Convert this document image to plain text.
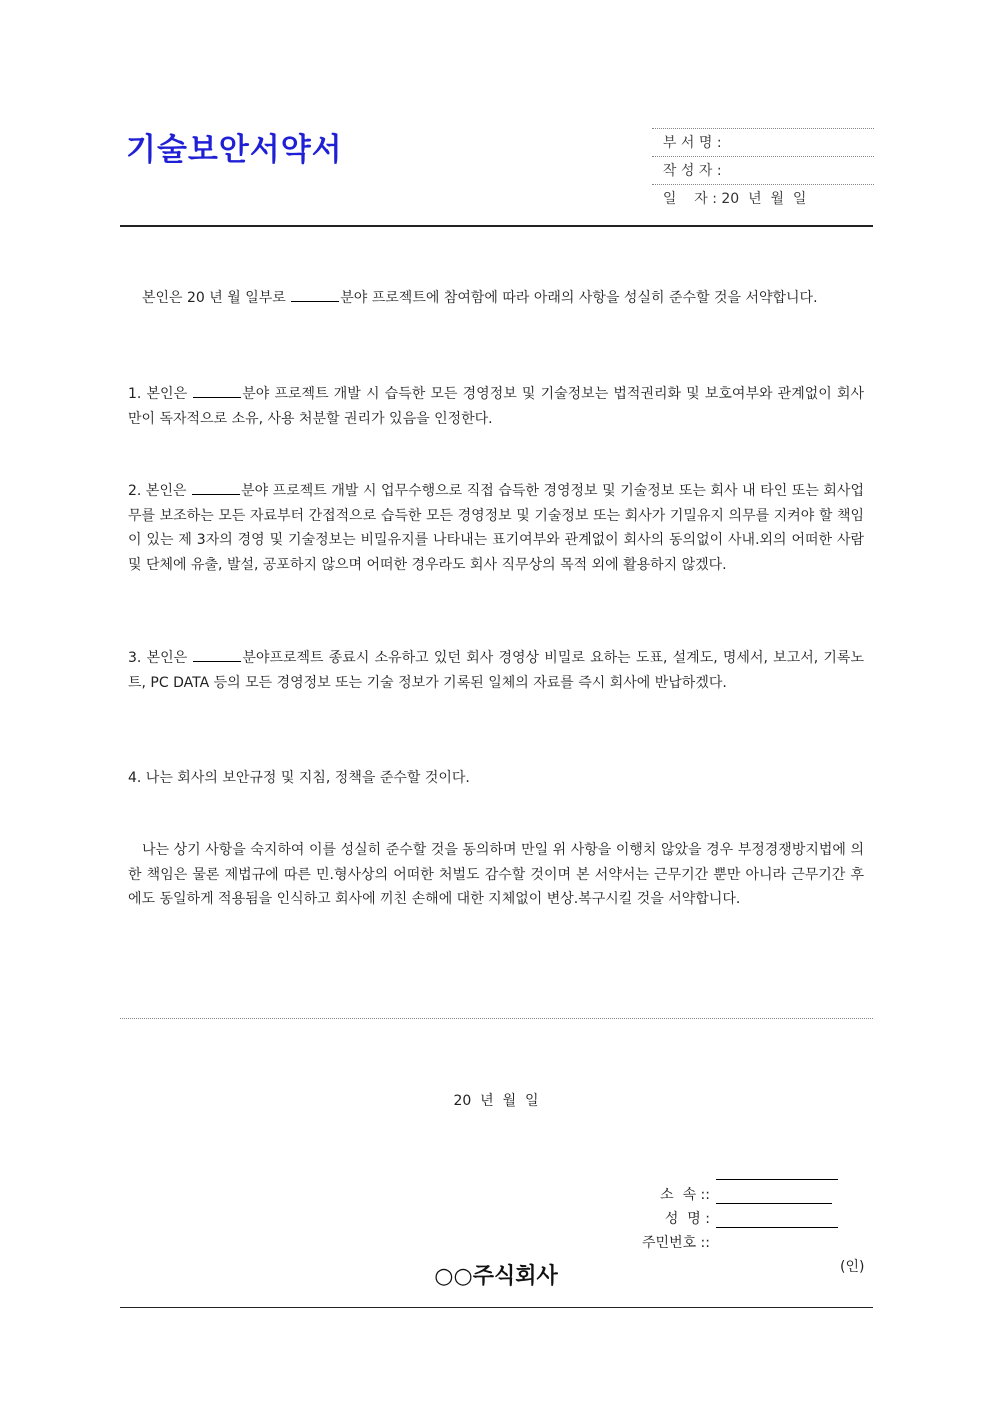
기술보안서약서	부 서 명 :

작 성 자 :

일    자 : 20  년  월  일

본인은 20 년 월 일부로	분야 프로젝트에 참여함에 따라 아래의 사항을 성실히 준수할 것을 서약합니다.
1. 본인은	분야 프로젝트 개발 시 습득한 모든 경영정보 및 기술정보는 법적권리화 및 보호여부와 관계없이 회사만이 독자적으로 소유, 사용 처분할 권리가 있음을 인정한다.
2. 본인은	분야 프로젝트 개발 시 업무수행으로 직접 습득한 경영정보 및 기술정보 또는 회사 내 타인 또는 회사업무를 보조하는 모든 자료부터 간접적으로 습득한 모든 경영정보 및 기술정보 또는 회사가 기밀유지 의무를 지켜야 할 책임이 있는 제 3자의 경영 및 기술정보는 비밀유지를 나타내는 표기여부와 관계없이 회사의 동의없이 사내.외의 어떠한 사람 및 단체에 유출, 발설, 공포하지 않으며 어떠한 경우라도 회사 직무상의 목적 외에 활용하지 않겠다.
3. 본인은	분야프로젝트 종료시 소유하고 있던 회사 경영상 비밀로 요하는 도표, 설계도, 명세서, 보고서, 기록노트, PC DATA 등의 모든 경영정보 또는 기술 정보가 기록된 일체의 자료를 즉시 회사에 반납하겠다.
4. 나는 회사의 보안규정 및 지침, 정책을 준수할 것이다.
나는 상기 사항을 숙지하여 이를 성실히 준수할 것을 동의하며 만일 위 사항을 이행치 않았을 경우 부정경쟁방지법에 의한 책임은 물론 제법규에 따른 민.형사상의 어떠한 처벌도 감수할 것이며 본 서약서는 근무기간 뿐만 아니라 근무기간 후에도 동일하게 적용됨을 인식하고 회사에 끼친 손해에 대한 지체없이 변상.복구시킬 것을 서약합니다.
20  년  월  일

소  속 ::

성  명 :

(인)

주민번호 ::

○○주식회사
